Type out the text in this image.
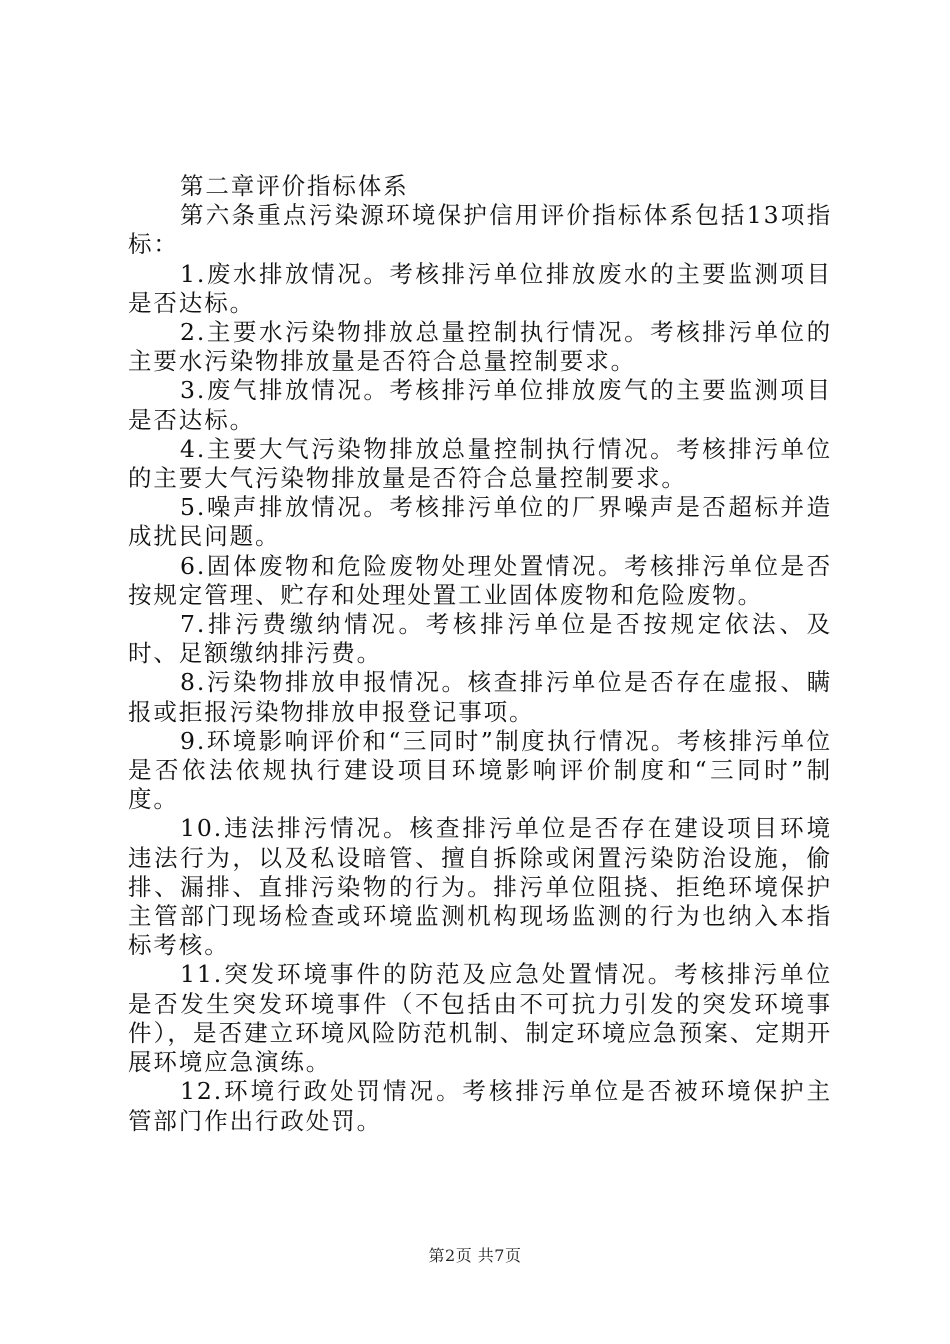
第二章评价指标体系

第六条重点污染源环境保护信用评价指标体系包括13项指标：

1.废水排放情况。考核排污单位排放废水的主要监测项目是否达标。

2.主要水污染物排放总量控制执行情况。考核排污单位的主要水污染物排放量是否符合总量控制要求。

3.废气排放情况。考核排污单位排放废气的主要监测项目是否达标。

4.主要大气污染物排放总量控制执行情况。考核排污单位的主要大气污染物排放量是否符合总量控制要求。

5.噪声排放情况。考核排污单位的厂界噪声是否超标并造成扰民问题。

6.固体废物和危险废物处理处置情况。考核排污单位是否按规定管理、贮存和处理处置工业固体废物和危险废物。

7.排污费缴纳情况。考核排污单位是否按规定依法、及时、足额缴纳排污费。

8.污染物排放申报情况。核查排污单位是否存在虚报、瞒报或拒报污染物排放申报登记事项。

9.环境影响评价和“三同时”制度执行情况。考核排污单位是否依法依规执行建设项目环境影响评价制度和“三同时”制度。

10.违法排污情况。核查排污单位是否存在建设项目环境违法行为，以及私设暗管、擅自拆除或闲置污染防治设施，偷排、漏排、直排污染物的行为。排污单位阻挠、拒绝环境保护主管部门现场检查或环境监测机构现场监测的行为也纳入本指标考核。

11.突发环境事件的防范及应急处置情况。考核排污单位是否发生突发环境事件（不包括由不可抗力引发的突发环境事件），是否建立环境风险防范机制、制定环境应急预案、定期开展环境应急演练。

12.环境行政处罚情况。考核排污单位是否被环境保护主管部门作出行政处罚。

第2页 共7页
